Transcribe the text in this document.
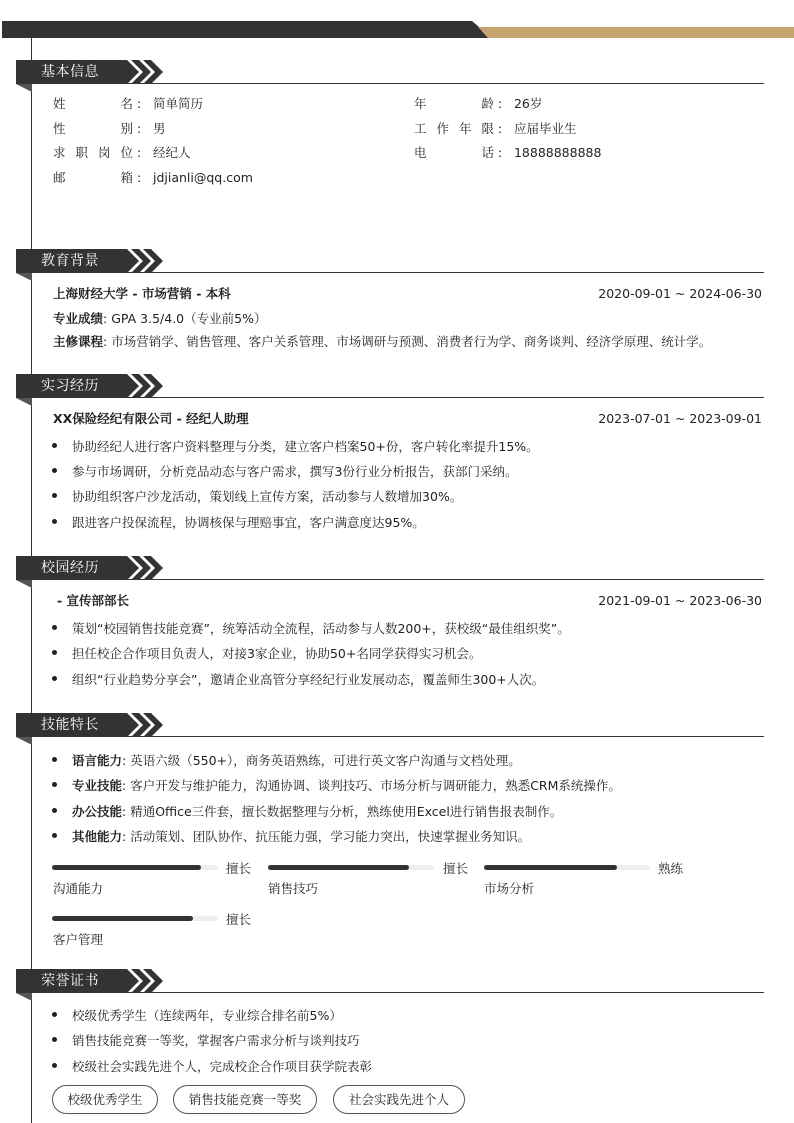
基本信息
姓名 : 简单简历	年龄 : 26岁
性别 : 男	工作年限 : 应届毕业生
求职岗位 : 经纪人	电话 : 18888888888
邮箱 : jdjianli@qq.com
教育背景
上海财经大学 - 市场营销 - 本科	2020-09-01 ~ 2024-06-30
专业成绩: GPA 3.5/4.0（专业前5%）
主修课程: 市场营销学、销售管理、客户关系管理、市场调研与预测、消费者行为学、商务谈判、经济学原理、统计学。
实习经历
XX保险经纪有限公司 - 经纪人助理	2023-07-01 ~ 2023-09-01
协助经纪人进行客户资料整理与分类，建立客户档案50+份，客户转化率提升15%。
参与市场调研，分析竞品动态与客户需求，撰写3份行业分析报告，获部门采纳。
协助组织客户沙龙活动，策划线上宣传方案，活动参与人数增加30%。
跟进客户投保流程，协调核保与理赔事宜，客户满意度达95%。
校园经历
- 宣传部部长	2021-09-01 ~ 2023-06-30
策划“校园销售技能竞赛”，统筹活动全流程，活动参与人数200+，获校级“最佳组织奖”。
担任校企合作项目负责人，对接3家企业，协助50+名同学获得实习机会。
组织“行业趋势分享会”，邀请企业高管分享经纪行业发展动态，覆盖师生300+人次。
技能特长
语言能力: 英语六级（550+），商务英语熟练，可进行英文客户沟通与文档处理。
专业技能: 客户开发与维护能力，沟通协调、谈判技巧、市场分析与调研能力，熟悉CRM系统操作。
办公技能: 精通Office三件套，擅长数据整理与分析，熟练使用Excel进行销售报表制作。
其他能力: 活动策划、团队协作、抗压能力强，学习能力突出，快速掌握业务知识。
擅长
沟通能力
擅长
销售技巧
熟练
市场分析
擅长
客户管理
荣誉证书
校级优秀学生（连续两年，专业综合排名前5%）
销售技能竞赛一等奖，掌握客户需求分析与谈判技巧
校级社会实践先进个人，完成校企合作项目获学院表彰
校级优秀学生	销售技能竞赛一等奖	社会实践先进个人
